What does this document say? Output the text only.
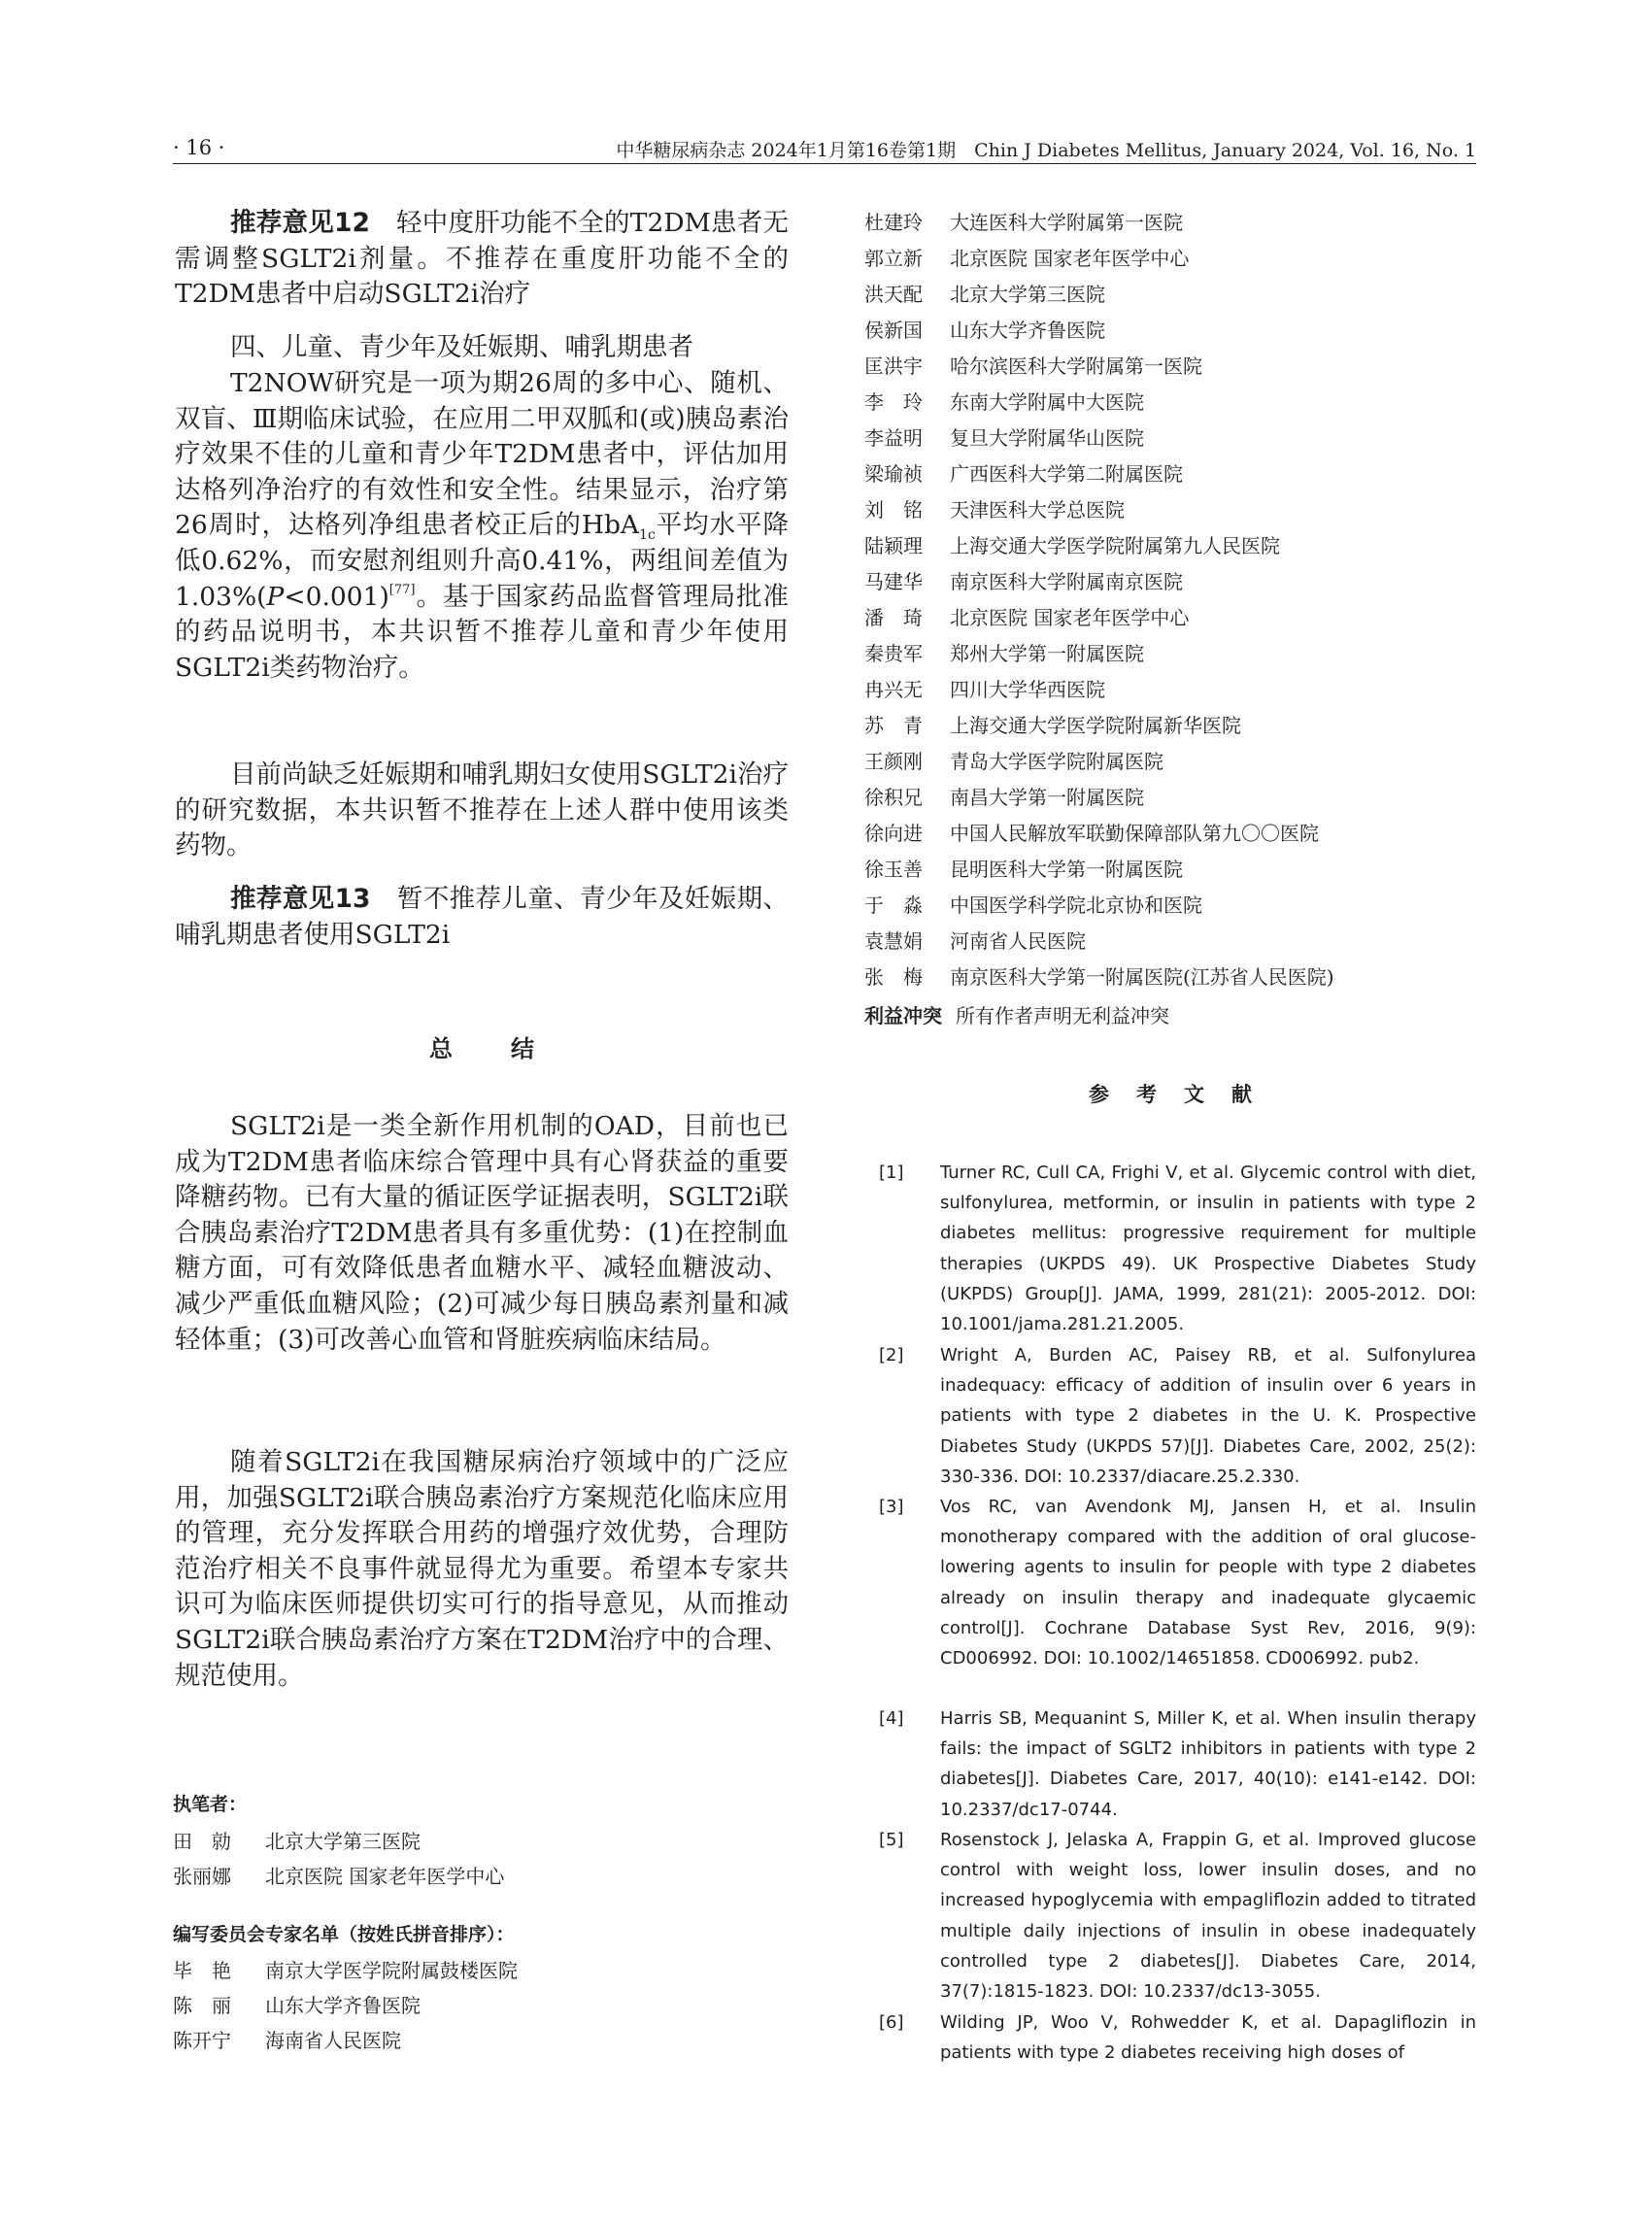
· 16 ·	中华糖尿病杂志 2024年1月第16卷第1期　Chin J Diabetes Mellitus, January 2024, Vol. 16, No. 1

推荐意见12　 轻中度肝功能不全的T2DM患者无需调整SGLT2i剂量。不推荐在重度肝功能不全的T2DM患者中启动SGLT2i治疗

四、儿童、青少年及妊娠期、哺乳期患者

T2NOW研究是一项为期26周的多中心、随机、双盲、Ⅲ期临床试验，在应用二甲双胍和(或)胰岛素治疗效果不佳的儿童和青少年T2DM患者中，评估加用达格列净治疗的有效性和安全性。结果显示，治疗第26周时，达格列净组患者校正后的HbA$_{1c}$平均水平降低0.62%，而安慰剂组则升高0.41%，两组间差值为1.03%(P<0.001)[77]。基于国家药品监督管理局批准的药品说明书，本共识暂不推荐儿童和青少年使用SGLT2i类药物治疗。

目前尚缺乏妊娠期和哺乳期妇女使用SGLT2i治疗的研究数据，本共识暂不推荐在上述人群中使用该类药物。

推荐意见13　 暂不推荐儿童、青少年及妊娠期、哺乳期患者使用SGLT2i

总结

SGLT2i是一类全新作用机制的OAD，目前也已成为T2DM患者临床综合管理中具有心肾获益的重要降糖药物。已有大量的循证医学证据表明，SGLT2i联合胰岛素治疗T2DM患者具有多重优势：(1)在控制血糖方面，可有效降低患者血糖水平、减轻血糖波动、减少严重低血糖风险；(2)可减少每日胰岛素剂量和减轻体重；(3)可改善心血管和肾脏疾病临床结局。

随着SGLT2i在我国糖尿病治疗领域中的广泛应用，加强SGLT2i联合胰岛素治疗方案规范化临床应用的管理，充分发挥联合用药的增强疗效优势，合理防范治疗相关不良事件就显得尤为重要。希望本专家共识可为临床医师提供切实可行的指导意见，从而推动SGLT2i联合胰岛素治疗方案在T2DM治疗中的合理、规范使用。

执笔者：
田　勍 北京大学第三医院
张丽娜 北京医院 国家老年医学中心
编写委员会专家名单（按姓氏拼音排序）：
毕　艳 南京大学医学院附属鼓楼医院
陈　丽 山东大学齐鲁医院
陈开宁 海南省人民医院
杜建玲 大连医科大学附属第一医院
郭立新 北京医院 国家老年医学中心
洪天配 北京大学第三医院
侯新国 山东大学齐鲁医院
匡洪宇 哈尔滨医科大学附属第一医院
李　玲 东南大学附属中大医院
李益明 复旦大学附属华山医院
梁瑜祯 广西医科大学第二附属医院
刘　铭 天津医科大学总医院
陆颖理 上海交通大学医学院附属第九人民医院
马建华 南京医科大学附属南京医院
潘　琦 北京医院 国家老年医学中心
秦贵军 郑州大学第一附属医院
冉兴无 四川大学华西医院
苏　青 上海交通大学医学院附属新华医院
王颜刚 青岛大学医学院附属医院
徐积兄 南昌大学第一附属医院
徐向进 中国人民解放军联勤保障部队第九〇〇医院
徐玉善 昆明医科大学第一附属医院
于　淼 中国医学科学院北京协和医院
袁慧娟 河南省人民医院
张　梅 南京医科大学第一附属医院(江苏省人民医院)
利益冲突 所有作者声明无利益冲突
参考文献
[1] Turner RC, Cull CA, Frighi V, et al. Glycemic control with diet, sulfonylurea, metformin, or insulin in patients with type 2 diabetes mellitus: progressive requirement for multiple therapies (UKPDS 49). UK Prospective Diabetes Study (UKPDS) Group[J]. JAMA, 1999, 281(21): 2005-2012. DOI: 10.1001/jama.281.21.2005.
[2] Wright A, Burden AC, Paisey RB, et al. Sulfonylurea inadequacy: efficacy of addition of insulin over 6 years in patients with type 2 diabetes in the U. K. Prospective Diabetes Study (UKPDS 57)[J]. Diabetes Care, 2002, 25(2): 330-336. DOI: 10.2337/diacare.25.2.330.
[3] Vos RC, van Avendonk MJ, Jansen H, et al. Insulin monotherapy compared with the addition of oral glucose-lowering agents to insulin for people with type 2 diabetes already on insulin therapy and inadequate glycaemic control[J]. Cochrane Database Syst Rev, 2016, 9(9): CD006992. DOI: 10.1002/14651858. CD006992. pub2.
[4] Harris SB, Mequanint S, Miller K, et al. When insulin therapy fails: the impact of SGLT2 inhibitors in patients with type 2 diabetes[J]. Diabetes Care, 2017, 40(10): e141-e142. DOI: 10.2337/dc17-0744.
[5] Rosenstock J, Jelaska A, Frappin G, et al. Improved glucose control with weight loss, lower insulin doses, and no increased hypoglycemia with empagliflozin added to titrated multiple daily injections of insulin in obese inadequately controlled type 2 diabetes[J]. Diabetes Care, 2014, 37(7):1815-1823. DOI: 10.2337/dc13-3055.
[6] Wilding JP, Woo V, Rohwedder K, et al. Dapagliflozin in patients with type 2 diabetes receiving high doses of
